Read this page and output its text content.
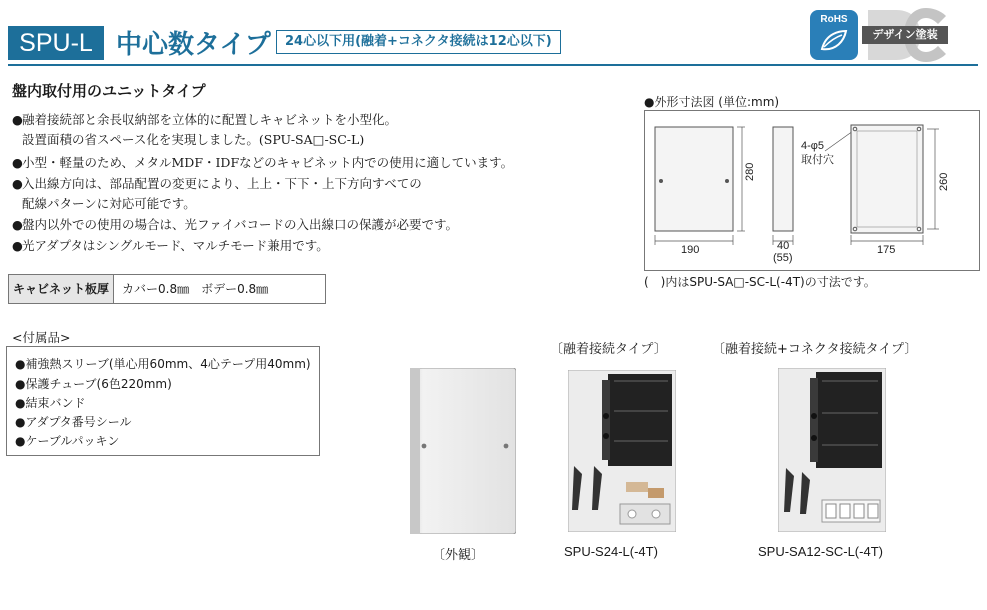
SPU-L 中心数タイプ	24心以下用(融着+コネクタ接続は12心以下)
RoHS
デザイン塗装
盤内取付用のユニットタイプ
●融着接続部と余長収納部を立体的に配置しキャビネットを小型化。
設置面積の省スペース化を実現しました。(SPU-SA□-SC-L)
●小型・軽量のため、メタルMDF・IDFなどのキャビネット内での使用に適しています。
●入出線方向は、部品配置の変更により、上上・下下・上下方向すべての
配線パターンに対応可能です。
●盤内以外での使用の場合は、光ファイバコードの入出線口の保護が必要です。
●光アダプタはシングルモード、マルチモード兼用です。
キャビネット板厚	カバー0.8㎜　ボデー0.8㎜
<付属品>
●補強熱スリーブ(単心用60mm、4心テープ用40mm)
●保護チューブ(6色220mm)
●結束バンド
●アダプタ番号シール
●ケーブルパッキン
●外形寸法図 (単位:mm)
190
280
40
(55)
4-φ5
取付穴
175
260
(　)内はSPU-SA□-SC-L(-4T)の寸法です。
〔外観〕
〔融着接続タイプ〕
SPU-S24-L(-4T)
〔融着接続+コネクタ接続タイプ〕
SPU-SA12-SC-L(-4T)
